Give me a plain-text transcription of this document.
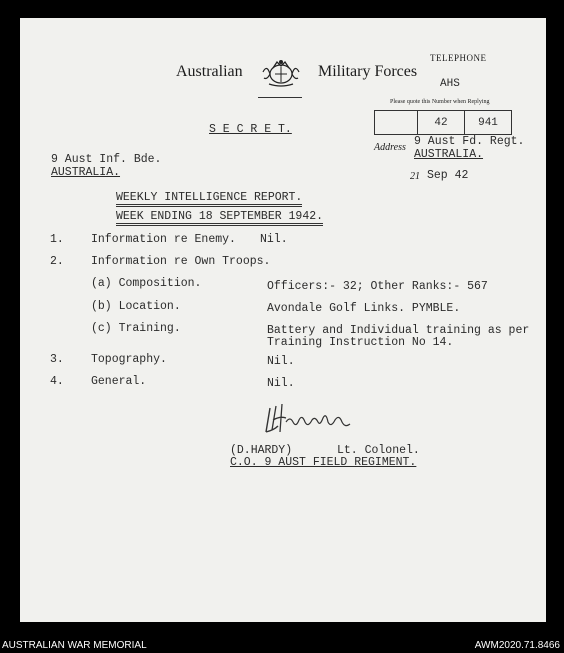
Australian	Military Forces
TELEPHONE
AHS
Please quote this Number when Replying
42	941
Address 9 Aust Fd. Regt.
AUSTRALIA.
21 Sep 42
S E C R E T.
9 Aust Inf. Bde.
AUSTRALIA.
WEEKLY INTELLIGENCE REPORT.
WEEK ENDING 18 SEPTEMBER 1942.
1. Information re Enemy. Nil.
2. Information re Own Troops.
(a) Composition.	Officers:- 32; Other Ranks:- 567
(b) Location.	Avondale Golf Links. PYMBLE.
(c) Training.	Battery and Individual training as per
Training Instruction No 14.
3. Topography.	Nil.
4. General.	Nil.
(D.HARDY)	Lt. Colonel.
C.O. 9 AUST FIELD REGIMENT.
AUSTRALIAN WAR MEMORIAL	AWM2020.71.8466
